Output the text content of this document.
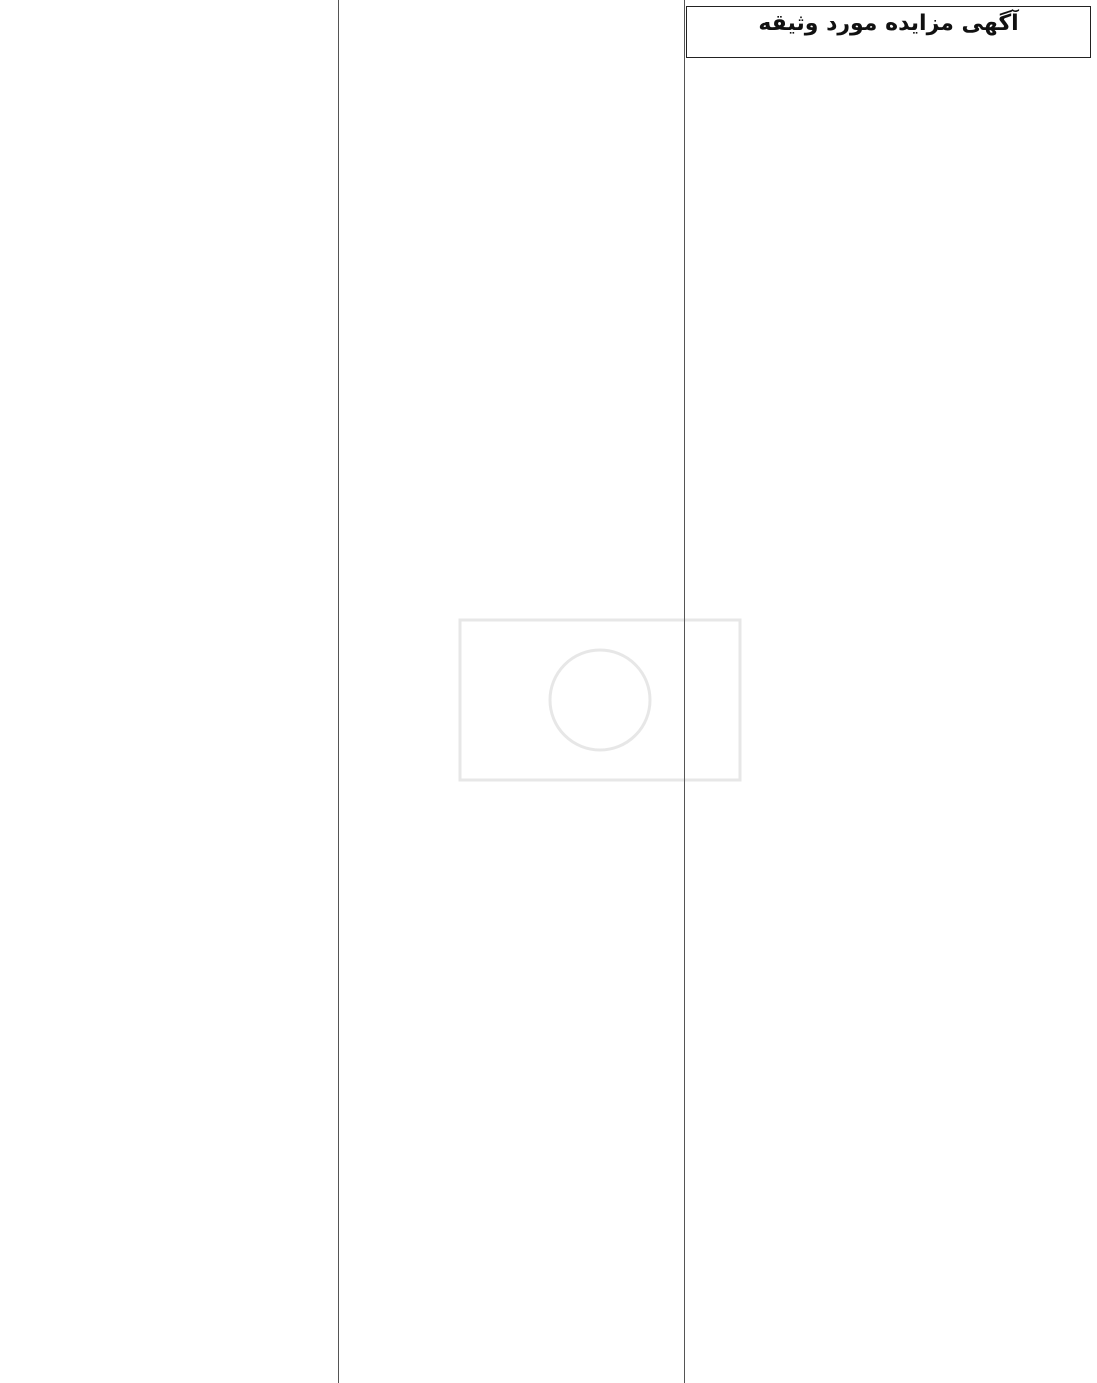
آگهی مزایده مورد وثیقه
